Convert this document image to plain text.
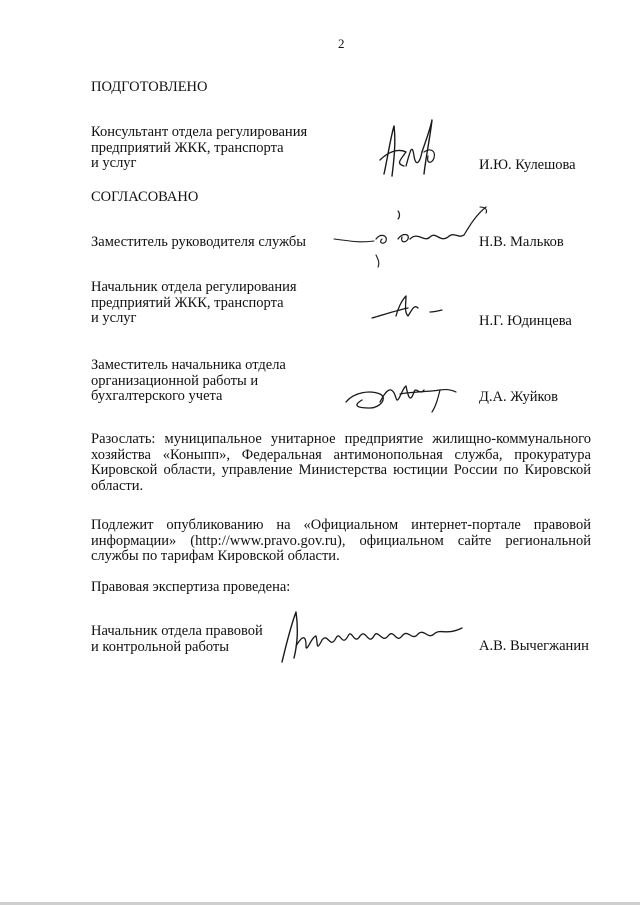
2
ПОДГОТОВЛЕНО
Консультант отдела регулирования
предприятий ЖКК, транспорта
и услуг	И.Ю. Кулешова
СОГЛАСОВАНО
Заместитель руководителя службы	Н.В. Мальков
Начальник отдела регулирования
предприятий ЖКК, транспорта
и услуг	Н.Г. Юдинцева
Заместитель начальника отдела
организационной работы и
бухгалтерского учета	Д.А. Жуйков
Разослать: муниципальное унитарное предприятие жилищно-коммунального хозяйства «Коныпп», Федеральная антимонопольная служба, прокуратура Кировской области, управление Министерства юстиции России по Кировской области.
Подлежит опубликованию на «Официальном интернет-портале правовой информации» (http://www.pravo.gov.ru), официальном сайте региональной службы по тарифам Кировской области.
Правовая экспертиза проведена:
Начальник отдела правовой
и контрольной работы	А.В. Вычегжанин
